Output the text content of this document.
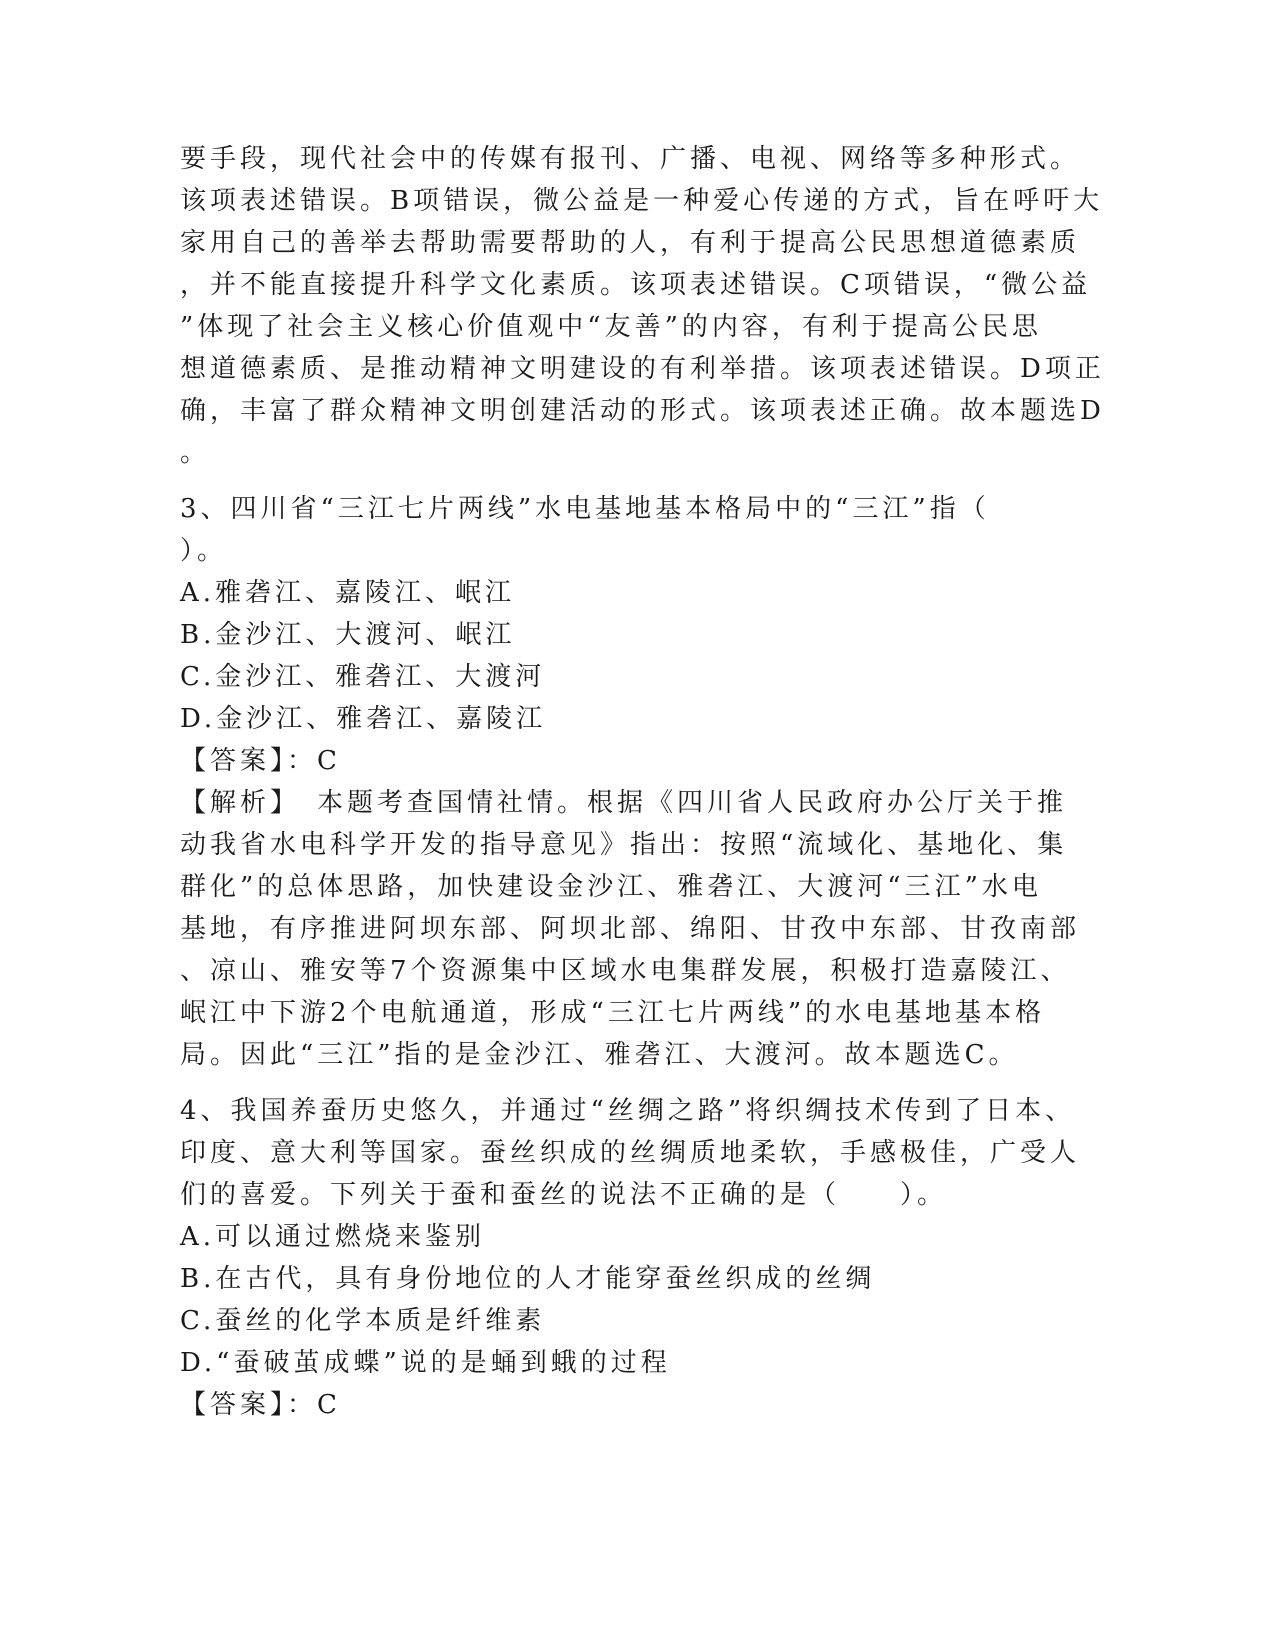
要手段，现代社会中的传媒有报刊、广播、电视、网络等多种形式。
该项表述错误。B项错误，微公益是一种爱心传递的方式，旨在呼吁大
家用自己的善举去帮助需要帮助的人，有利于提高公民思想道德素质
，并不能直接提升科学文化素质。该项表述错误。C项错误，“微公益
”体现了社会主义核心价值观中“友善”的内容，有利于提高公民思
想道德素质、是推动精神文明建设的有利举措。该项表述错误。D项正
确，丰富了群众精神文明创建活动的形式。该项表述正确。故本题选D
。
3、四川省“三江七片两线”水电基地基本格局中的“三江”指（
）。
A.雅砻江、嘉陵江、岷江
B.金沙江、大渡河、岷江
C.金沙江、雅砻江、大渡河
D.金沙江、雅砻江、嘉陵江
【答案】：C
【解析】　本题考查国情社情。根据《四川省人民政府办公厅关于推
动我省水电科学开发的指导意见》指出：按照“流域化、基地化、集
群化”的总体思路，加快建设金沙江、雅砻江、大渡河“三江”水电
基地，有序推进阿坝东部、阿坝北部、绵阳、甘孜中东部、甘孜南部
、凉山、雅安等7个资源集中区域水电集群发展，积极打造嘉陵江、
岷江中下游2个电航通道，形成“三江七片两线”的水电基地基本格
局。因此“三江”指的是金沙江、雅砻江、大渡河。故本题选C。
4、我国养蚕历史悠久，并通过“丝绸之路”将织绸技术传到了日本、
印度、意大利等国家。蚕丝织成的丝绸质地柔软，手感极佳，广受人
们的喜爱。下列关于蚕和蚕丝的说法不正确的是（　　）。
A.可以通过燃烧来鉴别
B.在古代，具有身份地位的人才能穿蚕丝织成的丝绸
C.蚕丝的化学本质是纤维素
D.“蚕破茧成蝶”说的是蛹到蛾的过程
【答案】：C
